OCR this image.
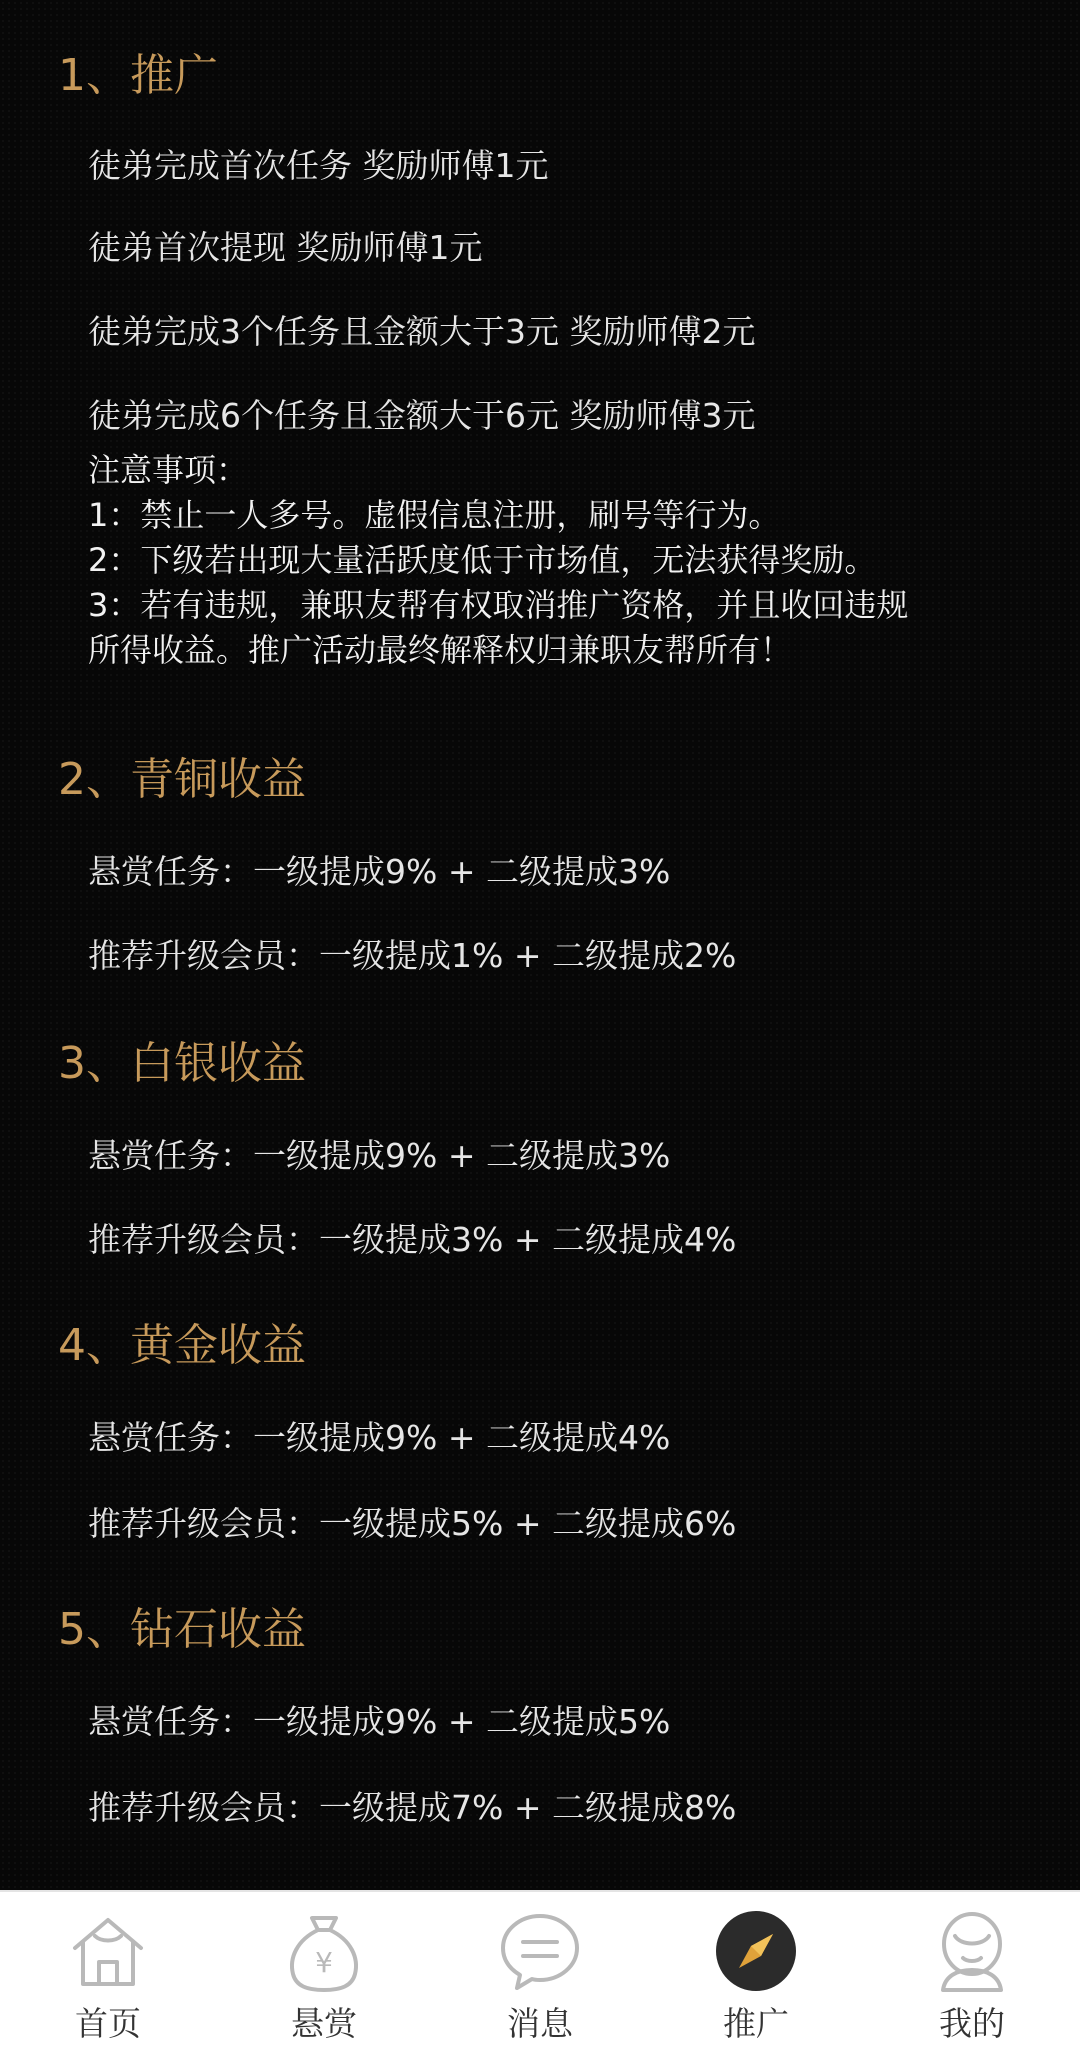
1、推广

徒弟完成首次任务 奖励师傅1元

徒弟首次提现 奖励师傅1元

徒弟完成3个任务且金额大于3元 奖励师傅2元

徒弟完成6个任务且金额大于6元 奖励师傅3元

注意事项：
1：禁止一人多号。虚假信息注册，刷号等行为。
2：下级若出现大量活跃度低于市场值，无法获得奖励。
3：若有违规，兼职友帮有权取消推广资格，并且收回违规
所得收益。推广活动最终解释权归兼职友帮所有！
2、青铜收益

悬赏任务：一级提成9% + 二级提成3%

推荐升级会员：一级提成1% + 二级提成2%

3、白银收益

悬赏任务：一级提成9% + 二级提成3%

推荐升级会员：一级提成3% + 二级提成4%

4、黄金收益

悬赏任务：一级提成9% + 二级提成4%

推荐升级会员：一级提成5% + 二级提成6%

5、钻石收益

悬赏任务：一级提成9% + 二级提成5%

推荐升级会员：一级提成7% + 二级提成8%

首页
¥
悬赏	消息	推广	我的
